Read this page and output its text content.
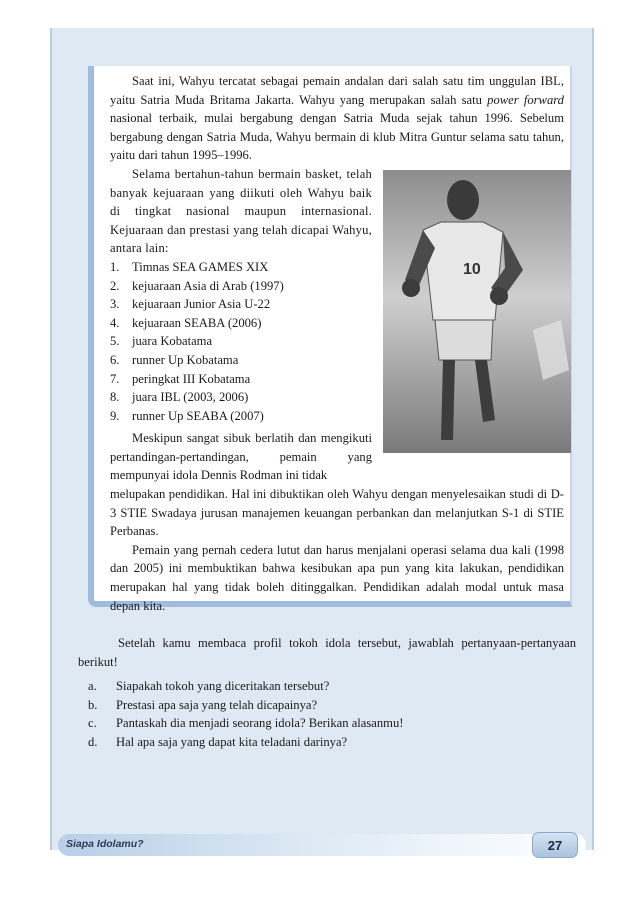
Saat ini, Wahyu tercatat sebagai pemain andalan dari salah satu tim unggulan IBL, yaitu Satria Muda Britama Jakarta. Wahyu yang merupakan salah satu power forward nasional terbaik, mulai bergabung dengan Satria Muda sejak tahun 1996. Sebelum bergabung dengan Satria Muda, Wahyu bermain di klub Mitra Guntur selama satu tahun, yaitu dari tahun 1995–1996.

Selama bertahun-tahun bermain basket, telah banyak kejuaraan yang diikuti oleh Wahyu baik di tingkat nasional maupun internasional. Kejuaraan dan prestasi yang telah dicapai Wahyu, antara lain:

1. Timnas SEA GAMES XIX
2. kejuaraan Asia di Arab (1997)
3. kejuaraan Junior Asia U-22
4. kejuaraan SEABA (2006)
5. juara Kobatama
6. runner Up Kobatama
7. peringkat III Kobatama
8. juara IBL (2003, 2006)
9. runner Up SEABA (2007)

Meskipun sangat sibuk berlatih dan mengikuti pertandingan-pertandingan, pemain yang mempunyai idola Dennis Rodman ini tidak

melupakan pendidikan. Hal ini dibuktikan oleh Wahyu dengan menyelesaikan studi di D-3 STIE Swadaya jurusan manajemen keuangan perbankan dan melanjutkan S-1 di STIE Perbanas.

Pemain yang pernah cedera lutut dan harus menjalani operasi selama dua kali (1998 dan 2005) ini membuktikan bahwa kesibukan apa pun yang kita lakukan, pendidikan merupakan hal yang tidak boleh ditinggalkan. Pendidikan adalah modal untuk masa depan kita.

10

Setelah kamu membaca profil tokoh idola tersebut, jawablah pertanyaan-pertanyaan berikut!

a.	Siapakah tokoh yang diceritakan tersebut?
b.	Prestasi apa saja yang telah dicapainya?
c.	Pantaskah dia menjadi seorang idola? Berikan alasanmu!
d.	Hal apa saja yang dapat kita teladani darinya?
Siapa Idolamu?	27
